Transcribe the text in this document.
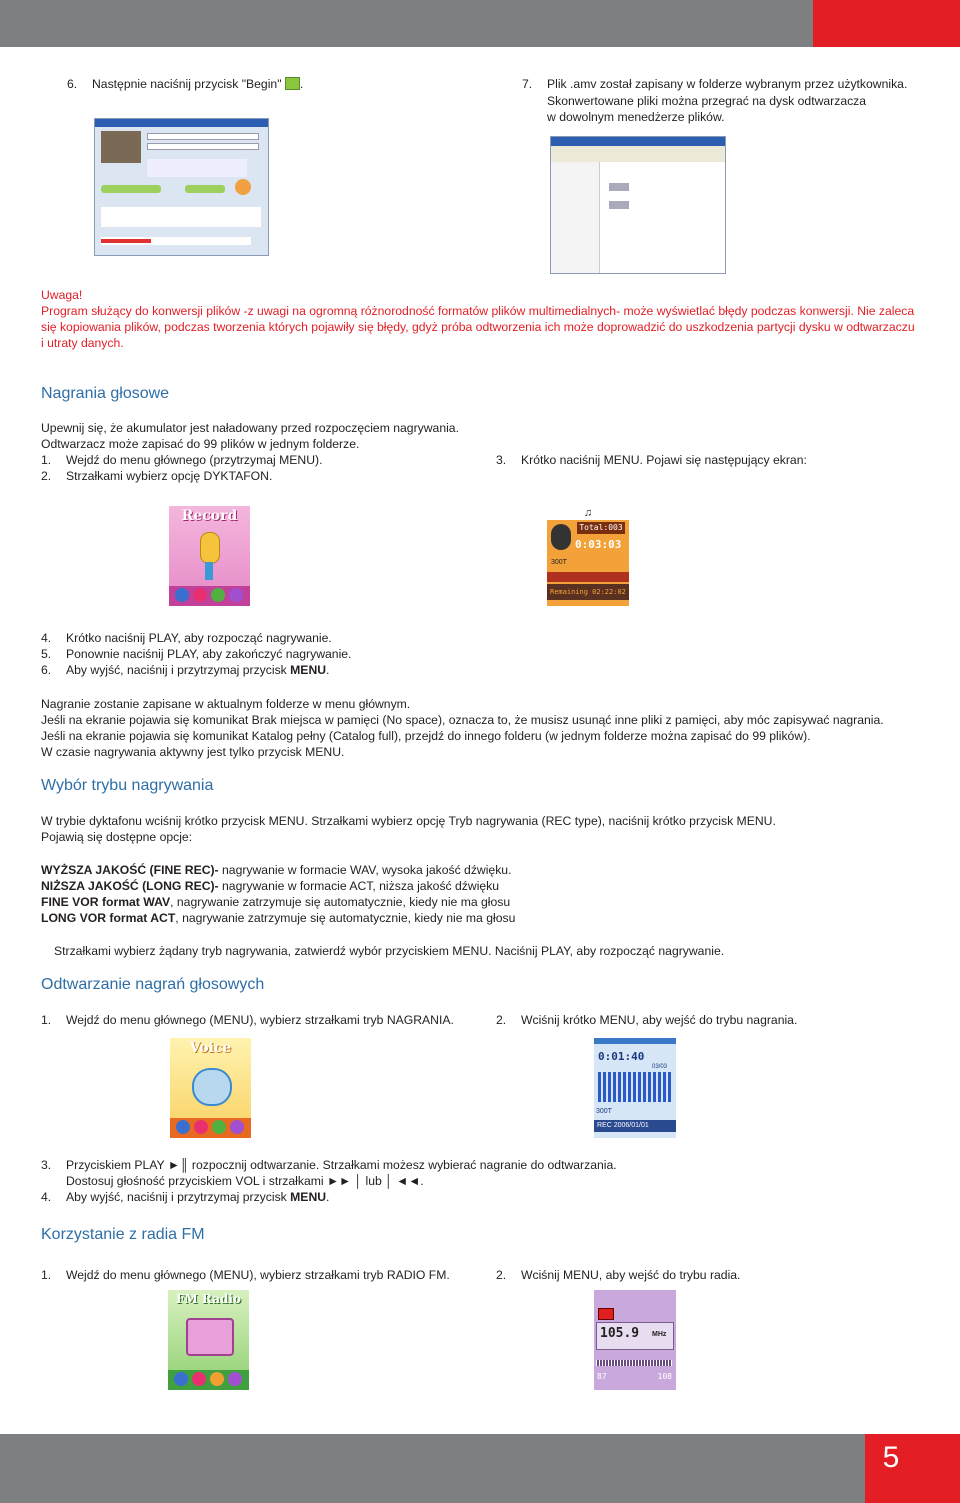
6. Następnie naciśnij przycisk "Begin" .	7. Plik .amv został zapisany w folderze wybranym przez użytkownika.
Skonwertowane pliki można przegrać na dysk odtwarzacza
w dowolnym menedżerze plików.
Uwaga!
Program służący do konwersji plików -z uwagi na ogromną różnorodność formatów plików multimedialnych- może wyświetlać błędy podczas konwersji. Nie zaleca
się kopiowania plików, podczas tworzenia których pojawiły się błędy, gdyż próba odtworzenia ich może doprowadzić do uszkodzenia partycji dysku w odtwarzaczu
i utraty danych.
Nagrania głosowe
Upewnij się, że akumulator jest naładowany przed rozpoczęciem nagrywania.
Odtwarzacz może zapisać do 99 plików w jednym folderze.
1. Wejdź do menu głównego (przytrzymaj MENU).
2. Strzałkami wybierz opcję DYKTAFON.
3. Krótko naciśnij MENU. Pojawi się następujący ekran:
Record	♫
Total:003
0:03:03
300T
Remaining 02:22:02
4. Krótko naciśnij PLAY, aby rozpocząć nagrywanie.
5. Ponownie naciśnij PLAY, aby zakończyć nagrywanie.
6. Aby wyjść, naciśnij i przytrzymaj przycisk MENU.
Nagranie zostanie zapisane w aktualnym folderze w menu głównym.
Jeśli na ekranie pojawia się komunikat Brak miejsca w pamięci (No space), oznacza to, że musisz usunąć inne pliki z pamięci, aby móc zapisywać nagrania.
Jeśli na ekranie pojawia się komunikat Katalog pełny (Catalog full), przejdź do innego folderu (w jednym folderze można zapisać do 99 plików).
W czasie nagrywania aktywny jest tylko przycisk MENU.
Wybór trybu nagrywania
W trybie dyktafonu wciśnij krótko przycisk MENU. Strzałkami wybierz opcję Tryb nagrywania (REC type), naciśnij krótko przycisk MENU.
Pojawią się dostępne opcje:
WYŻSZA JAKOŚĆ (FINE REC)- nagrywanie w formacie WAV, wysoka jakość dźwięku.
NIŻSZA JAKOŚĆ (LONG REC)- nagrywanie w formacie ACT, niższa jakość dźwięku
FINE VOR format WAV, nagrywanie zatrzymuje się automatycznie, kiedy nie ma głosu
LONG VOR format ACT, nagrywanie zatrzymuje się automatycznie, kiedy nie ma głosu
Strzałkami wybierz żądany tryb nagrywania, zatwierdź wybór przyciskiem MENU. Naciśnij PLAY, aby rozpocząć nagrywanie.
Odtwarzanie nagrań głosowych
1. Wejdź do menu głównego (MENU), wybierz strzałkami tryb NAGRANIA.	2. Wciśnij krótko MENU, aby wejść do trybu nagrania.
Voice
0:01:40
03/03
300T
REC 2006/01/01
3. Przyciskiem PLAY ►║ rozpocznij odtwarzanie. Strzałkami możesz wybierać nagranie do odtwarzania.
Dostosuj głośność przyciskiem VOL i strzałkami ►► │ lub │ ◄◄.
4. Aby wyjść, naciśnij i przytrzymaj przycisk MENU.
Korzystanie z radia FM
1. Wejdź do menu głównego (MENU), wybierz strzałkami tryb RADIO FM.	2. Wciśnij MENU, aby wejść do trybu radia.
FM Radio
105.9 MHz
87	108
5
